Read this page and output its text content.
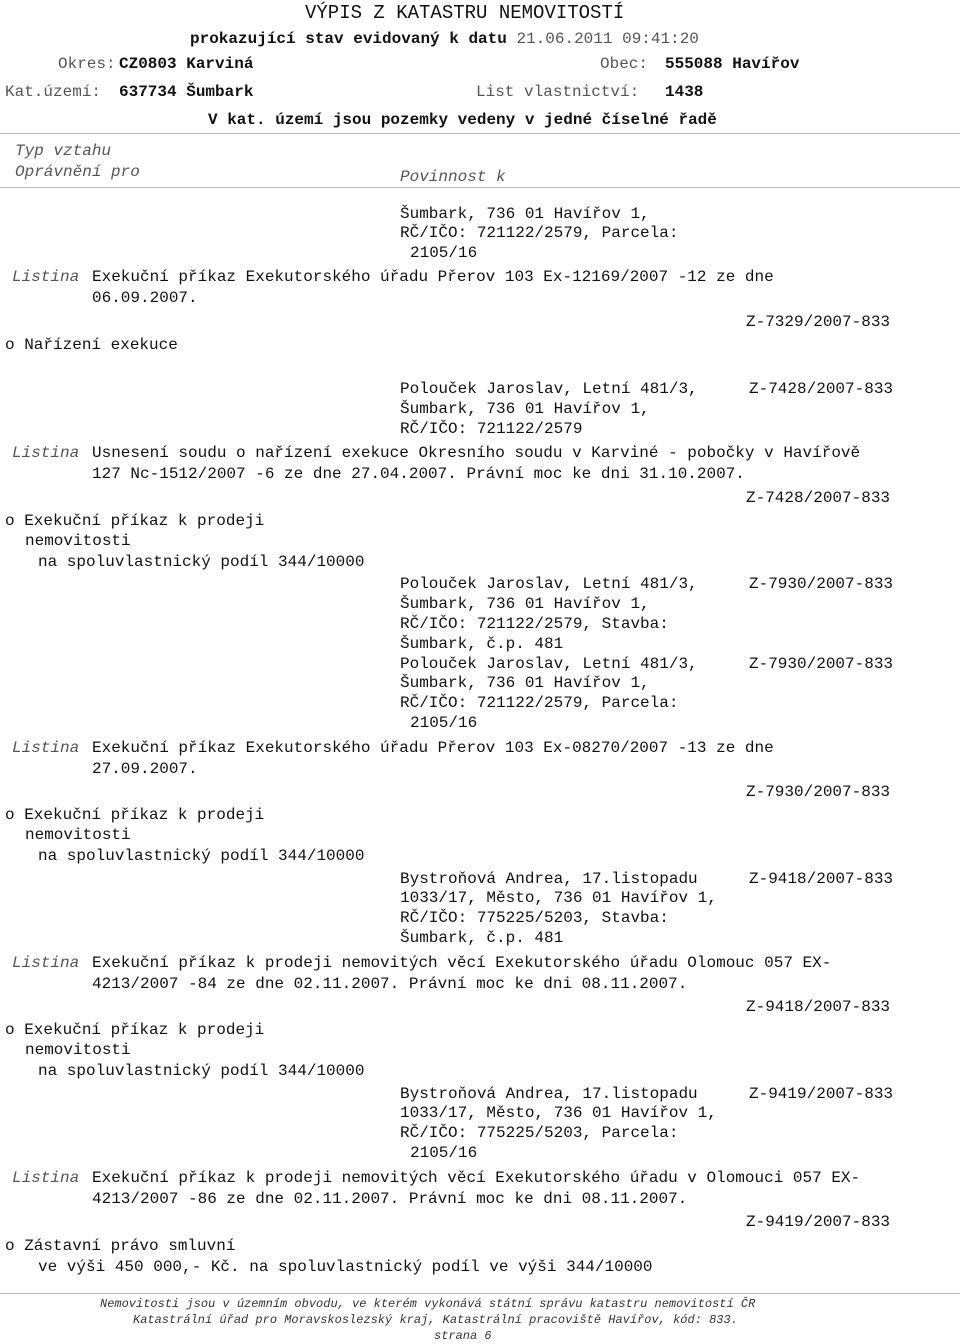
VÝPIS Z KATASTRU NEMOVITOSTÍ
prokazující stav evidovaný k datu 21.06.2011 09:41:20
Okres: CZ0803 Karviná	Obec: 555088 Havířov
Kat.území: 637734 Šumbark	List vlastnictví: 1438
V kat. území jsou pozemky vedeny v jedné číselné řadě
Typ vztahu
Oprávnění pro	Povinnost k
Šumbark, 736 01 Havířov 1,
RČ/IČO: 721122/2579, Parcela:
2105/16
Listina Exekuční příkaz Exekutorského úřadu Přerov 103 Ex-12169/2007 -12 ze dne
06.09.2007.
Z-7329/2007-833
o Nařízení exekuce
Polouček Jaroslav, Letní 481/3,	Z-7428/2007-833
Šumbark, 736 01 Havířov 1,
RČ/IČO: 721122/2579
Listina Usnesení soudu o nařízení exekuce Okresního soudu v Karviné - pobočky v Havířově
127 Nc-1512/2007 -6 ze dne 27.04.2007. Právní moc ke dni 31.10.2007.
Z-7428/2007-833
o Exekuční příkaz k prodeji
nemovitosti
na spoluvlastnický podíl 344/10000
Polouček Jaroslav, Letní 481/3,	Z-7930/2007-833
Šumbark, 736 01 Havířov 1,
RČ/IČO: 721122/2579, Stavba:
Šumbark, č.p. 481
Polouček Jaroslav, Letní 481/3,	Z-7930/2007-833
Šumbark, 736 01 Havířov 1,
RČ/IČO: 721122/2579, Parcela:
2105/16
Listina Exekuční příkaz Exekutorského úřadu Přerov 103 Ex-08270/2007 -13 ze dne
27.09.2007.
Z-7930/2007-833
o Exekuční příkaz k prodeji
nemovitosti
na spoluvlastnický podíl 344/10000
Bystroňová Andrea, 17.listopadu	Z-9418/2007-833
1033/17, Město, 736 01 Havířov 1,
RČ/IČO: 775225/5203, Stavba:
Šumbark, č.p. 481
Listina Exekuční příkaz k prodeji nemovitých věcí Exekutorského úřadu Olomouc 057 EX-
4213/2007 -84 ze dne 02.11.2007. Právní moc ke dni 08.11.2007.
Z-9418/2007-833
o Exekuční příkaz k prodeji
nemovitosti
na spoluvlastnický podíl 344/10000
Bystroňová Andrea, 17.listopadu	Z-9419/2007-833
1033/17, Město, 736 01 Havířov 1,
RČ/IČO: 775225/5203, Parcela:
2105/16
Listina Exekuční příkaz k prodeji nemovitých věcí Exekutorského úřadu v Olomouci 057 EX-
4213/2007 -86 ze dne 02.11.2007. Právní moc ke dni 08.11.2007.
Z-9419/2007-833
o Zástavní právo smluvní
ve výši 450 000,- Kč. na spoluvlastnický podíl ve výši 344/10000
Nemovitosti jsou v územním obvodu, ve kterém vykonává státní správu katastru nemovitostí ČR
Katastrální úřad pro Moravskoslezský kraj, Katastrální pracoviště Havířov, kód: 833.
strana 6
